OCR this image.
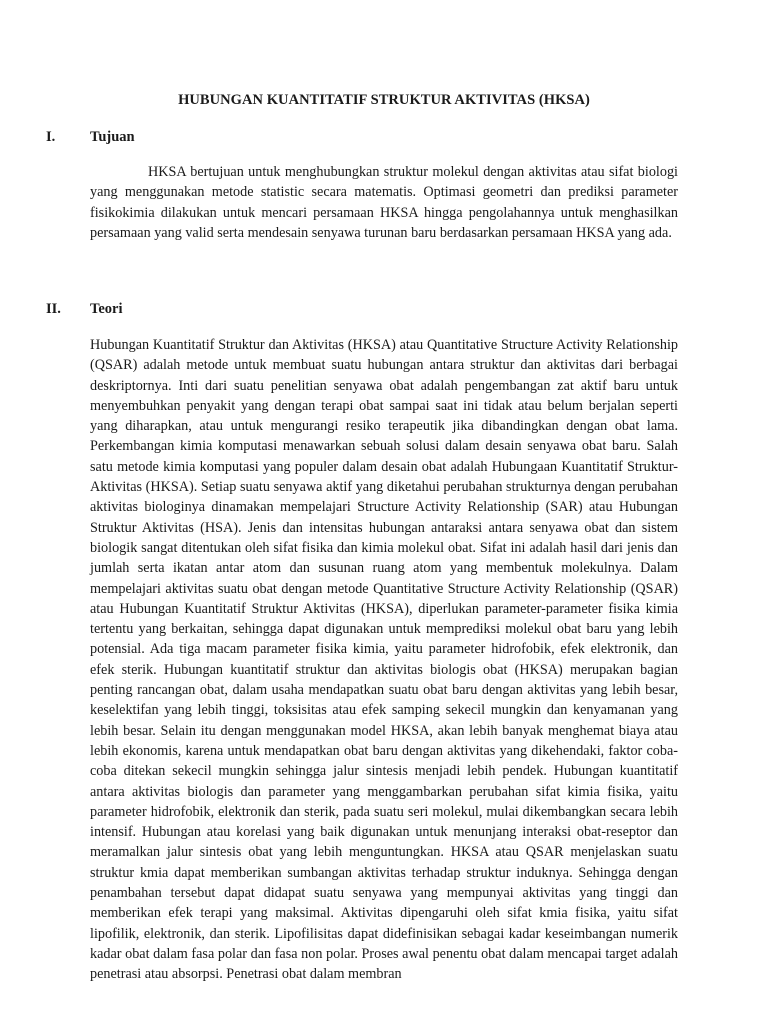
HUBUNGAN KUANTITATIF STRUKTUR AKTIVITAS (HKSA)
I. Tujuan

HKSA bertujuan untuk menghubungkan struktur molekul dengan aktivitas atau sifat biologi yang menggunakan metode statistic secara matematis. Optimasi geometri dan prediksi parameter fisikokimia dilakukan untuk mencari persamaan HKSA hingga pengolahannya untuk menghasilkan persamaan yang valid serta mendesain senyawa turunan baru berdasarkan persamaan HKSA yang ada.

II. Teori

Hubungan Kuantitatif Struktur dan Aktivitas (HKSA) atau Quantitative Structure Activity Relationship (QSAR) adalah metode untuk membuat suatu hubungan antara struktur dan aktivitas dari berbagai deskriptornya. Inti dari suatu penelitian senyawa obat adalah pengembangan zat aktif baru untuk menyembuhkan penyakit yang dengan terapi obat sampai saat ini tidak atau belum berjalan seperti yang diharapkan, atau untuk mengurangi resiko terapeutik jika dibandingkan dengan obat lama. Perkembangan kimia komputasi menawarkan sebuah solusi dalam desain senyawa obat baru. Salah satu metode kimia komputasi yang populer dalam desain obat adalah Hubungaan Kuantitatif Struktur-Aktivitas (HKSA). Setiap suatu senyawa aktif yang diketahui perubahan strukturnya dengan perubahan aktivitas biologinya dinamakan mempelajari Structure Activity Relationship (SAR) atau Hubungan Struktur Aktivitas (HSA). Jenis dan intensitas hubungan antaraksi antara senyawa obat dan sistem biologik sangat ditentukan oleh sifat fisika dan kimia molekul obat. Sifat ini adalah hasil dari jenis dan jumlah serta ikatan antar atom dan susunan ruang atom yang membentuk molekulnya. Dalam mempelajari aktivitas suatu obat dengan metode Quantitative Structure Activity Relationship (QSAR) atau Hubungan Kuantitatif Struktur Aktivitas (HKSA), diperlukan parameter-parameter fisika kimia tertentu yang berkaitan, sehingga dapat digunakan untuk memprediksi molekul obat baru yang lebih potensial. Ada tiga macam parameter fisika kimia, yaitu parameter hidrofobik, efek elektronik, dan efek sterik. Hubungan kuantitatif struktur dan aktivitas biologis obat (HKSA) merupakan bagian penting rancangan obat, dalam usaha mendapatkan suatu obat baru dengan aktivitas yang lebih besar, keselektifan yang lebih tinggi, toksisitas atau efek samping sekecil mungkin dan kenyamanan yang lebih besar. Selain itu dengan menggunakan model HKSA, akan lebih banyak menghemat biaya atau lebih ekonomis, karena untuk mendapatkan obat baru dengan aktivitas yang dikehendaki, faktor coba-coba ditekan sekecil mungkin sehingga jalur sintesis menjadi lebih pendek. Hubungan kuantitatif antara aktivitas biologis dan parameter yang menggambarkan perubahan sifat kimia fisika, yaitu parameter hidrofobik, elektronik dan sterik, pada suatu seri molekul, mulai dikembangkan secara lebih intensif. Hubungan atau korelasi yang baik digunakan untuk menunjang interaksi obat-reseptor dan meramalkan jalur sintesis obat yang lebih menguntungkan. HKSA atau QSAR menjelaskan suatu struktur kmia dapat memberikan sumbangan aktivitas terhadap struktur induknya. Sehingga dengan penambahan tersebut dapat didapat suatu senyawa yang mempunyai aktivitas yang tinggi dan memberikan efek terapi yang maksimal. Aktivitas dipengaruhi oleh sifat kmia fisika, yaitu sifat lipofilik, elektronik, dan sterik. Lipofilisitas dapat didefinisikan sebagai kadar keseimbangan numerik kadar obat dalam fasa polar dan fasa non polar. Proses awal penentu obat dalam mencapai target adalah penetrasi atau absorpsi. Penetrasi obat dalam membran
